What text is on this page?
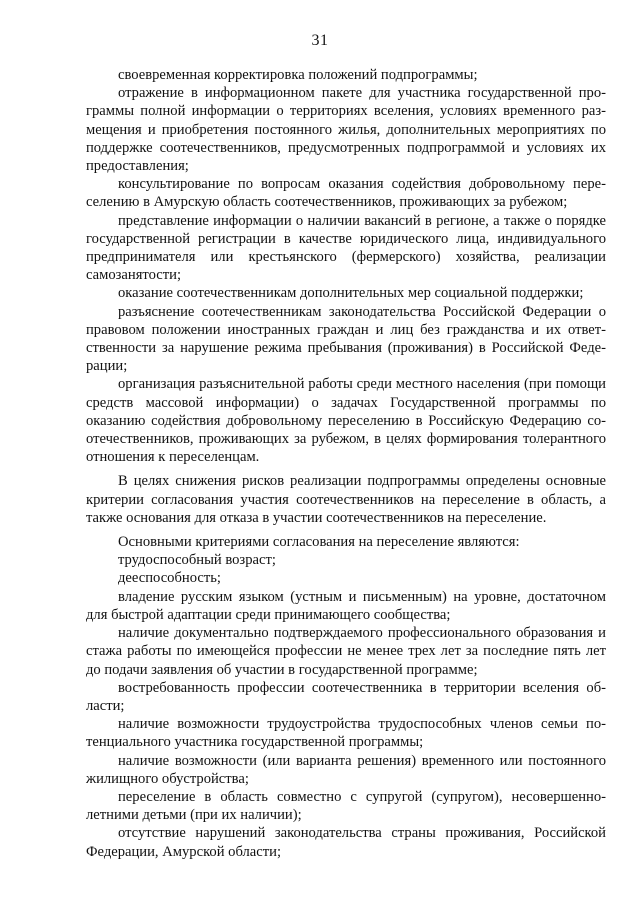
31

своевременная корректировка положений подпрограммы;

отражение в информационном пакете для участника государственной программы полной информации о территориях вселения, условиях временного размещения и приобретения постоянного жилья, дополнительных мероприятиях по поддержке соотечественников, предусмотренных подпрограммой и условиях их предоставления;

консультирование по вопросам оказания содействия добровольному переселению в Амурскую область соотечественников, проживающих за рубежом;

представление информации о наличии вакансий в регионе, а также о порядке государственной регистрации в качестве юридического лица, индивидуального предпринимателя или крестьянского (фермерского) хозяйства, реализации самозанятости;

оказание соотечественникам дополнительных мер социальной поддержки;

разъяснение соотечественникам законодательства Российской Федерации о правовом положении иностранных граждан и лиц без гражданства и их ответственности за нарушение режима пребывания (проживания) в Российской Федерации;

организация разъяснительной работы среди местного населения (при помощи средств массовой информации) о задачах Государственной программы по оказанию содействия добровольному переселению в Российскую Федерацию соотечественников, проживающих за рубежом, в целях формирования толерантного отношения к переселенцам.

В целях снижения рисков реализации подпрограммы определены основные критерии согласования участия соотечественников на переселение в область, а также основания для отказа в участии соотечественников на переселение.

Основными критериями согласования на переселение являются:

трудоспособный возраст;

дееспособность;

владение русским языком (устным и письменным) на уровне, достаточном для быстрой адаптации среди принимающего сообщества;

наличие документально подтверждаемого профессионального образования и стажа работы по имеющейся профессии не менее трех лет за последние пять лет до подачи заявления об участии в государственной программе;

востребованность профессии соотечественника в территории вселения области;

наличие возможности трудоустройства трудоспособных членов семьи потенциального участника государственной программы;

наличие возможности (или варианта решения) временного или постоянного жилищного обустройства;

переселение в область совместно с супругой (супругом), несовершеннолетними детьми (при их наличии);

отсутствие нарушений законодательства страны проживания, Российской Федерации, Амурской области;
